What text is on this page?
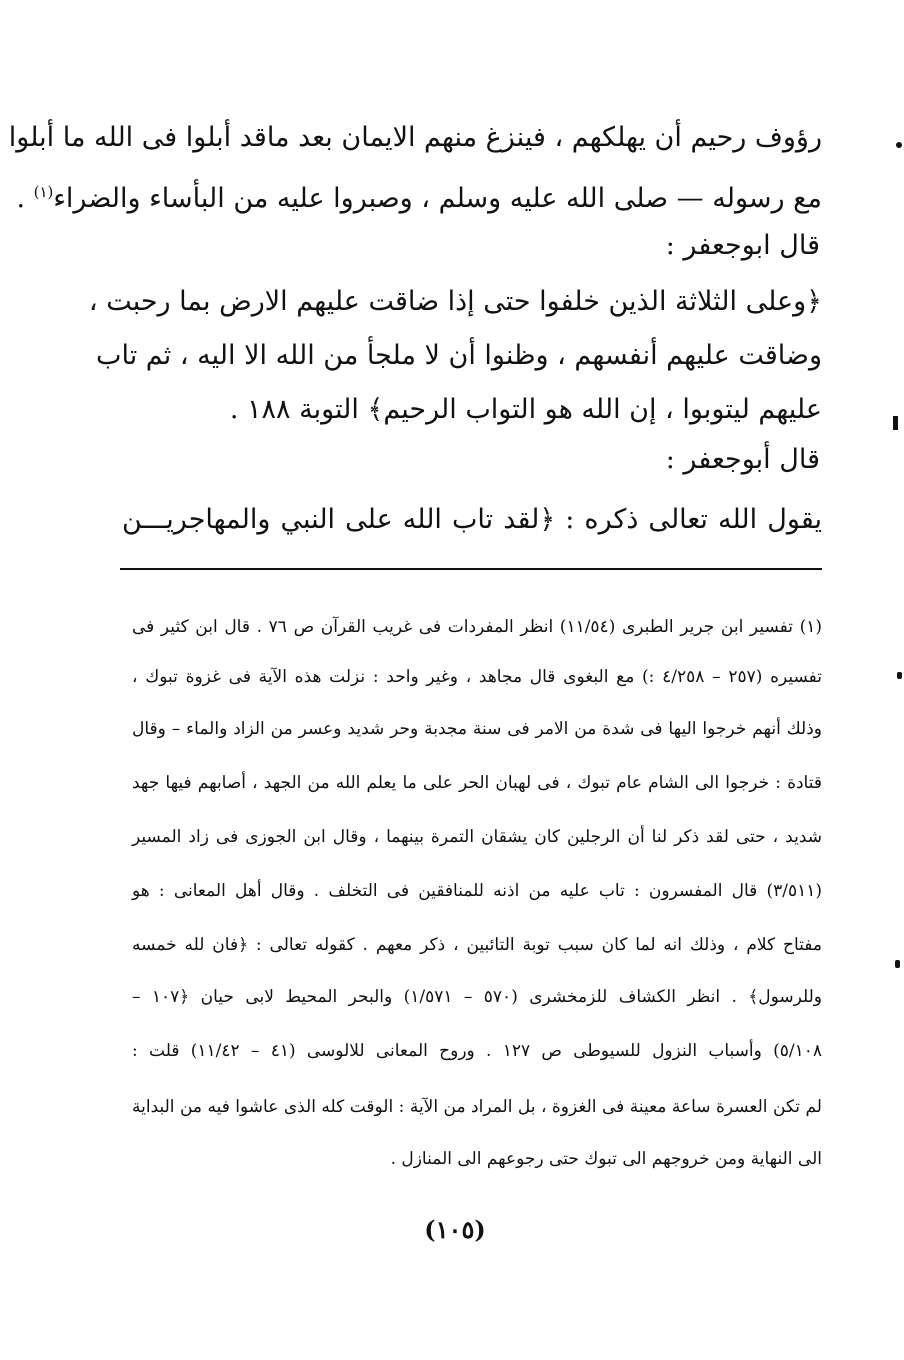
رؤوف رحيم أن يهلكهم ، فينزغ منهم الايمان بعد ماقد أبلوا فى الله ما أبلوا
مع رسوله — صلى الله عليه وسلم ، وصبروا عليه من البأساء والضراء$^{(١)}$ .
قال ابوجعفر :
﴿وعلى الثلاثة الذين خلفوا حتى إذا ضاقت عليهم الارض بما رحبت ،
وضاقت عليهم أنفسهم ، وظنوا أن لا ملجأ من الله الا اليه ، ثم تاب
عليهم ليتوبوا ، إن الله هو التواب الرحيم﴾ التوبة ١٨٨ .
قال أبوجعفر :
يقول الله تعالى ذكره : ﴿لقد تاب الله على النبي والمهاجريـــن
(١) تفسير ابن جرير الطبرى (١١/٥٤) انظر المفردات فى غريب القرآن ص ٧٦ . قال ابن كثير فى
تفسيره (٢٥٧ – ٤/٢٥٨ :) مع البغوى قال مجاهد ، وغير واحد : نزلت هذه الآية فى غزوة تبوك ،
وذلك أنهم خرجوا اليها فى شدة من الامر فى سنة مجدبة وحر شديد وعسر من الزاد والماء – وقال
قتادة : خرجوا الى الشام عام تبوك ، فى لهبان الحر على ما يعلم الله من الجهد ، أصابهم فيها جهد
شديد ، حتى لقد ذكر لنا أن الرجلين كان يشقان التمرة بينهما ، وقال ابن الجوزى فى زاد المسير
(٣/٥١١) قال المفسرون : تاب عليه من اذنه للمنافقين فى التخلف . وقال أهل المعانى : هو
مفتاح كلام ، وذلك انه لما كان سبب توبة التائبين ، ذكر معهم . كقوله تعالى : ﴿فان لله خمسه
وللرسول﴾ . انظر الكشاف للزمخشرى (٥٧٠ – ١/٥٧١) والبحر المحيط لابى حيان ﴿١٠٧ –
٥/١٠٨) وأسباب النزول للسيوطى ص ١٢٧ . وروح المعانى للالوسى (٤١ – ١١/٤٢) قلت :
لم تكن العسرة ساعة معينة فى الغزوة ، بل المراد من الآية : الوقت كله الذى عاشوا فيه من البداية
الى النهاية ومن خروجهم الى تبوك حتى رجوعهم الى المنازل .
(١٠٥)
